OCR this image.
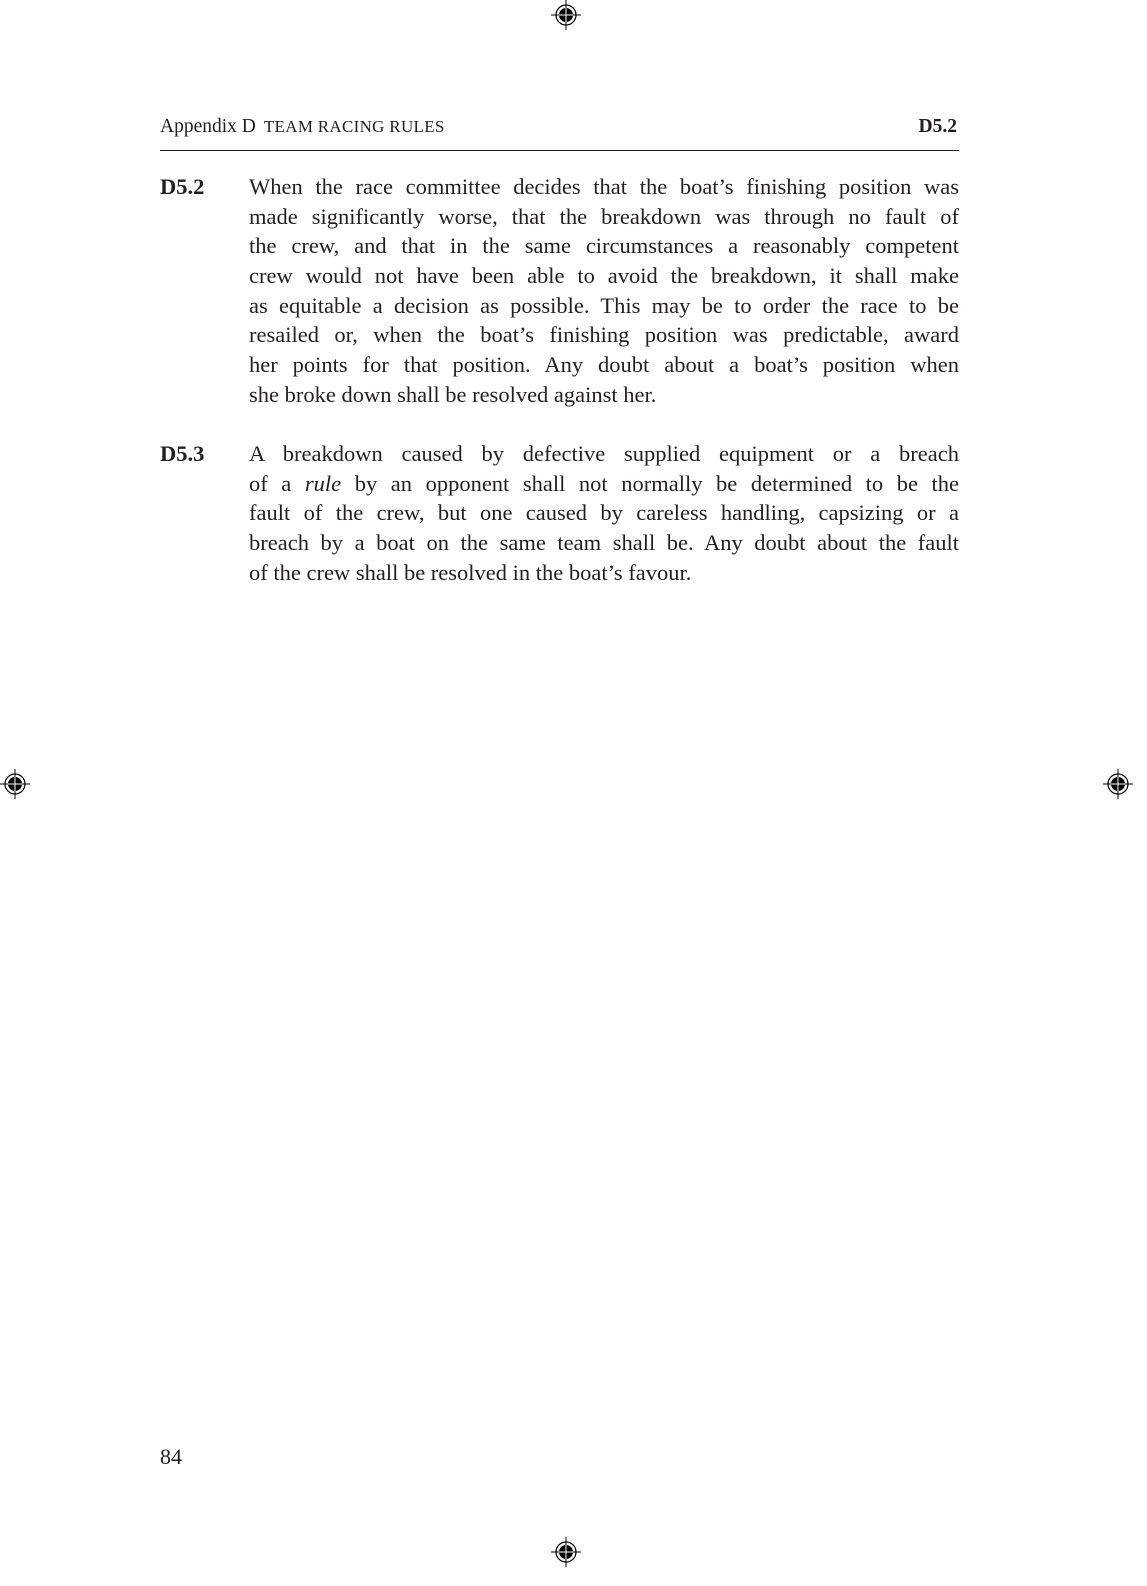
Appendix D TEAM RACING RULES	D5.2
D5.2 When the race committee decides that the boat’s finishing position was
made significantly worse, that the breakdown was through no fault of
the crew, and that in the same circumstances a reasonably competent
crew would not have been able to avoid the breakdown, it shall make
as equitable a decision as possible. This may be to order the race to be
resailed or, when the boat’s finishing position was predictable, award
her points for that position. Any doubt about a boat’s position when
she broke down shall be resolved against her.
D5.3 A breakdown caused by defective supplied equipment or a breach
of a rule by an opponent shall not normally be determined to be the
fault of the crew, but one caused by careless handling, capsizing or a
breach by a boat on the same team shall be. Any doubt about the fault
of the crew shall be resolved in the boat’s favour.
84
